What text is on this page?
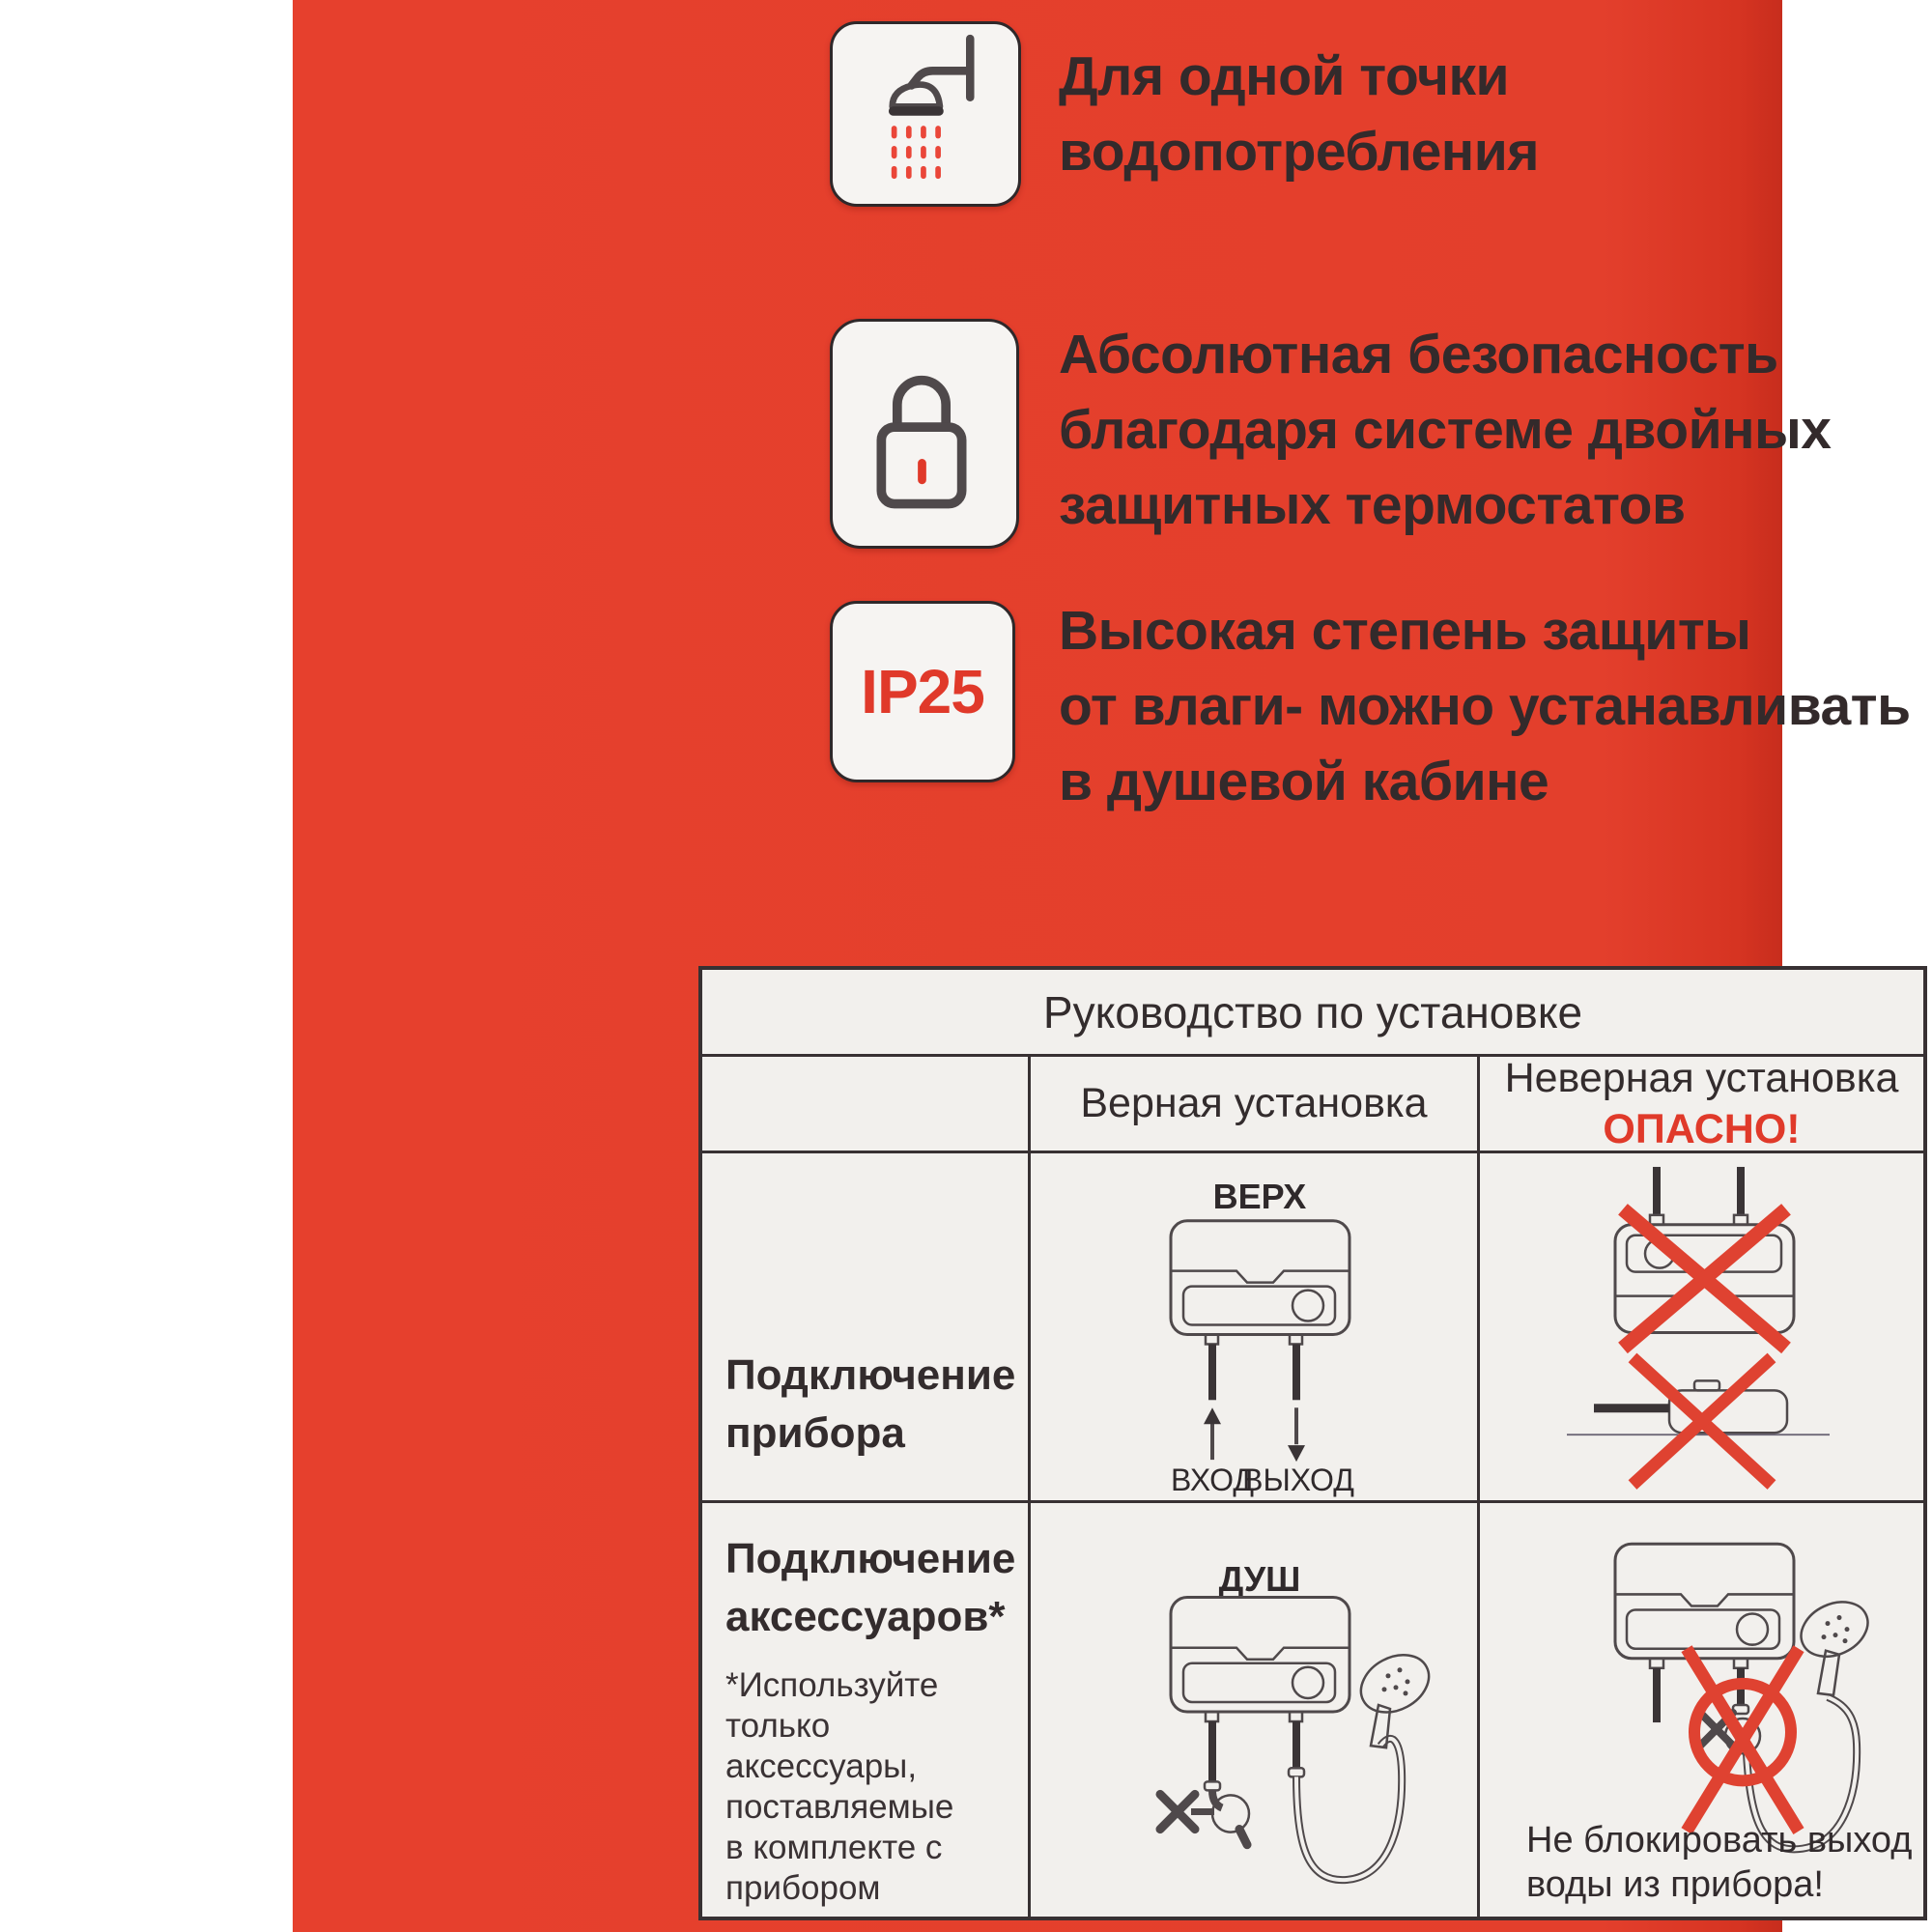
Для одной точки
водопотребления
Абсолютная безопасность
благодаря системе двойных
защитных термостатов
IP25
Высокая степень защиты
от влаги- можно устанавливать
в душевой кабине
Руководство по установке
Верная установка
Неверная установка
ОПАСНО!
Подключение прибора
ВЕРХ
ВХОД
ВЫХОД
Подключение аксессуаров*
*Используйте только аксессуары, поставляемые в комплекте с прибором
ДУШ
Не блокировать выход
воды из прибора!
